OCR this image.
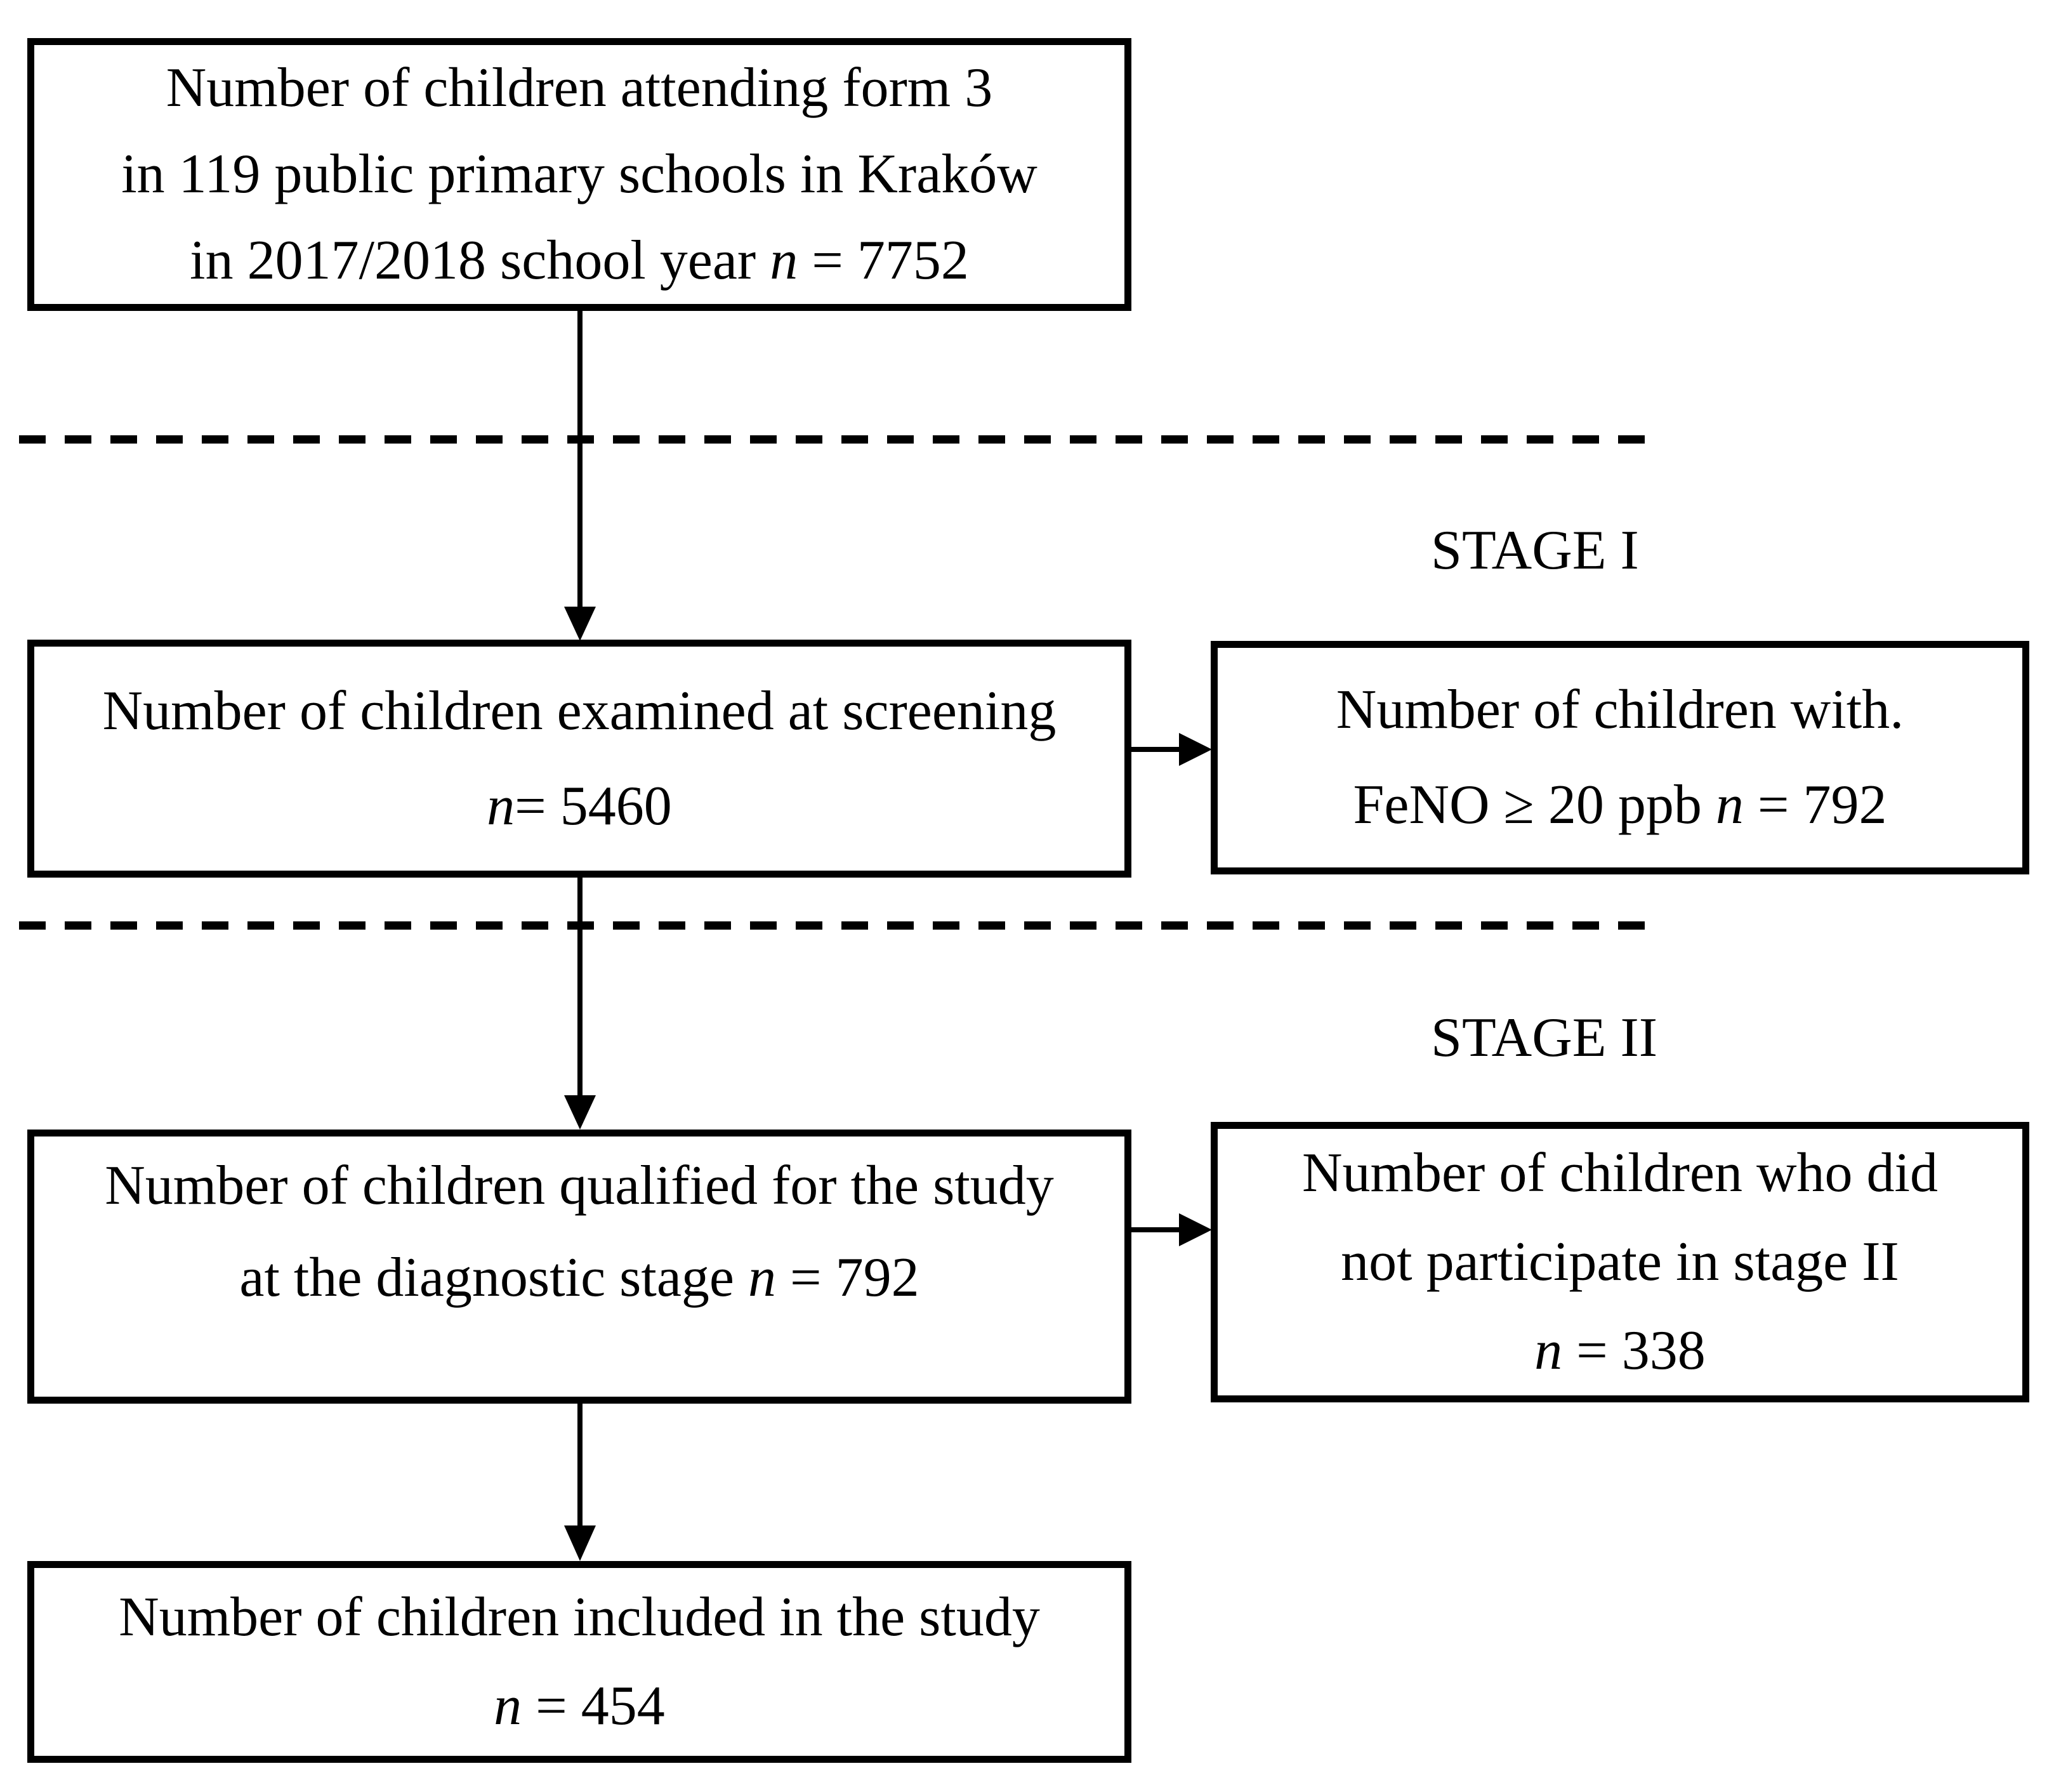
Number of children attending form 3
in 119 public primary schools in Kraków
in 2017/2018 school year n = 7752
STAGE I
Number of children examined at screening
n= 5460
Number of children with.
FeNO ≥ 20 ppb n = 792
STAGE II
Number of children qualified for the study
at the diagnostic stage n = 792
Number of children who did
not participate in stage II
n = 338
Number of children included in the study
n = 454
